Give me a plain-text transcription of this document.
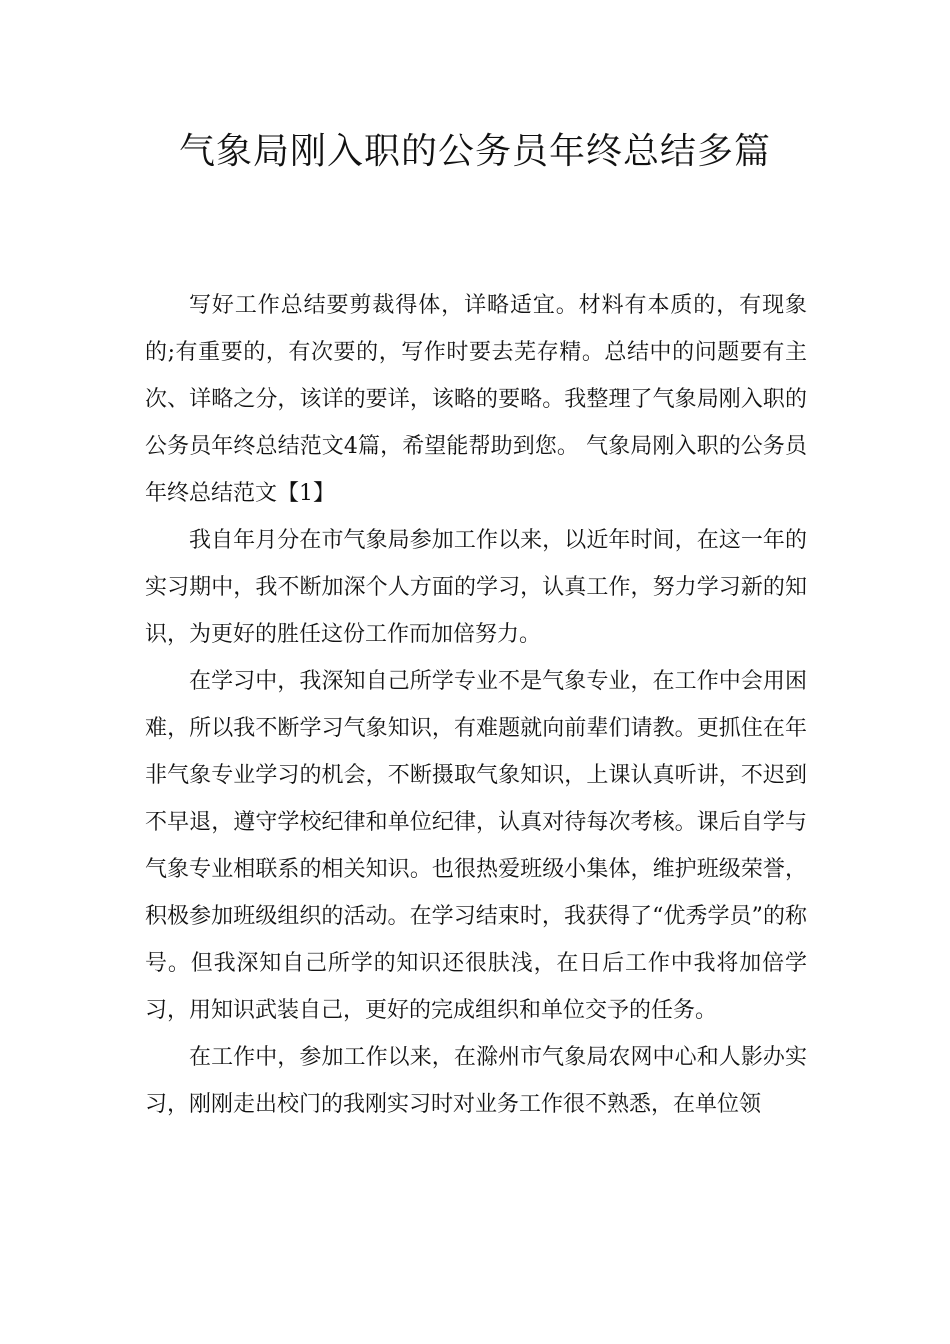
气象局刚入职的公务员年终总结多篇

写好工作总结要剪裁得体，详略适宜。材料有本质的，有现象的;有重要的，有次要的，写作时要去芜存精。总结中的问题要有主次、详略之分，该详的要详，该略的要略。我整理了气象局刚入职的公务员年终总结范文4篇，希望能帮助到您。 气象局刚入职的公务员年终总结范文【1】

我自年月分在市气象局参加工作以来，以近年时间，在这一年的实习期中，我不断加深个人方面的学习，认真工作，努力学习新的知识，为更好的胜任这份工作而加倍努力。

在学习中，我深知自己所学专业不是气象专业，在工作中会用困难，所以我不断学习气象知识，有难题就向前辈们请教。更抓住在年非气象专业学习的机会，不断摄取气象知识，上课认真听讲，不迟到不早退，遵守学校纪律和单位纪律，认真对待每次考核。课后自学与气象专业相联系的相关知识。也很热爱班级小集体，维护班级荣誉，积极参加班级组织的活动。在学习结束时，我获得了“优秀学员”的称号。但我深知自己所学的知识还很肤浅，在日后工作中我将加倍学习，用知识武装自己，更好的完成组织和单位交予的任务。

在工作中，参加工作以来，在滁州市气象局农网中心和人影办实习，刚刚走出校门的我刚实习时对业务工作很不熟悉，在单位领
